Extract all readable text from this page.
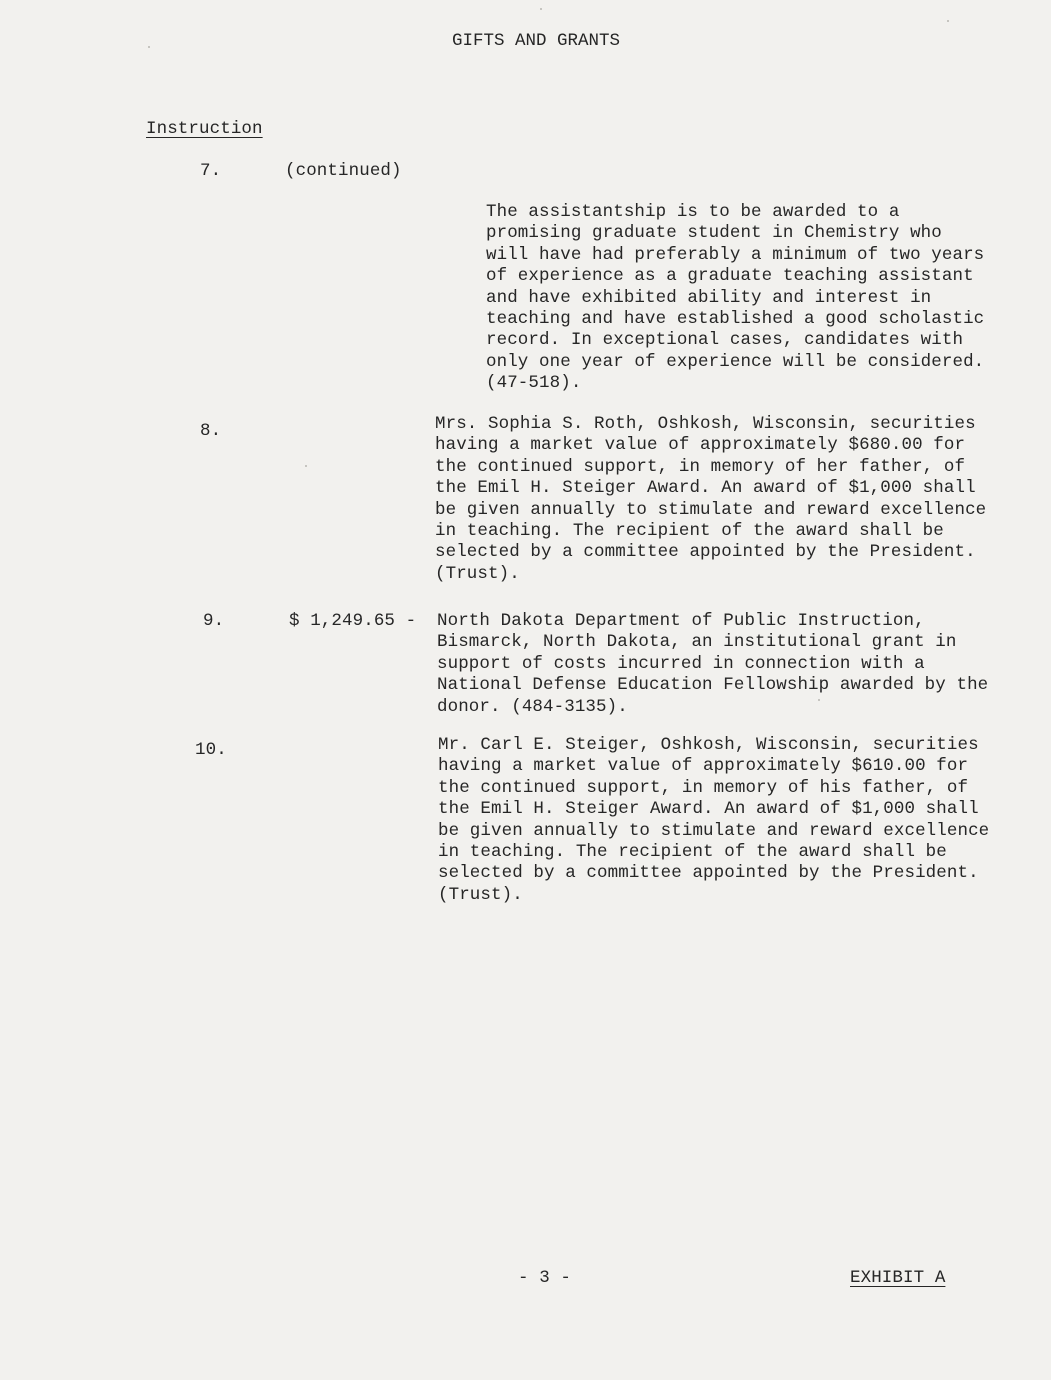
GIFTS AND GRANTS
Instruction
7.	(continued)
The assistantship is to be awarded to a
promising graduate student in Chemistry who
will have had preferably a minimum of two years
of experience as a graduate teaching assistant
and have exhibited ability and interest in
teaching and have established a good scholastic
record. In exceptional cases, candidates with
only one year of experience will be considered.
(47-518).
8.	Mrs. Sophia S. Roth, Oshkosh, Wisconsin, securities
having a market value of approximately $680.00 for
the continued support, in memory of her father, of
the Emil H. Steiger Award. An award of $1,000 shall
be given annually to stimulate and reward excellence
in teaching. The recipient of the award shall be
selected by a committee appointed by the President.
(Trust).
9.	$ 1,249.65 - North Dakota Department of Public Instruction,
Bismarck, North Dakota, an institutional grant in
support of costs incurred in connection with a
National Defense Education Fellowship awarded by the
donor. (484-3135).
10.	Mr. Carl E. Steiger, Oshkosh, Wisconsin, securities
having a market value of approximately $610.00 for
the continued support, in memory of his father, of
the Emil H. Steiger Award. An award of $1,000 shall
be given annually to stimulate and reward excellence
in teaching. The recipient of the award shall be
selected by a committee appointed by the President.
(Trust).
- 3 -	EXHIBIT A
